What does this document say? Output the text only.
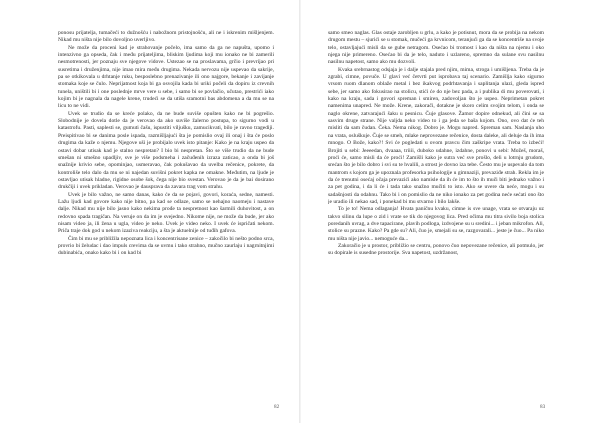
ponosu prijatelja, tumačeći to dužnošću i nabožnom pristojnošću, ali ne i iskrenim mišljenjem. Nikad mu ništa nije bilo dovoljno uverljivo.

Ne može da proceni kad je strahovanje počelo, ima samo da ga ne napušta, upomo i intenzivno ga opseda, čak i među prijateljima, bliskim ljudima koji mu ionako ne bi zamerili nesmotrenosti, jer poznaju sve njegove vidove. Ustezao se na proslavama, grčio i prevrijao pri susretima i druženjima, nije imao mira među drugima. Nekada nervozu nije uspevao da sakrije, pa se otkikovala u drhtanje ruku, besposlebno prenazivanje ili ono najgore, bekanje i zavijanje stomaka koje se čulo. Neprijatnost koja bi ga osvojila kada bi uriki počeli da dopiru iz crevnih tunela, uništili bi i one poslednje mrve vere u sebe, i samo bi se povlačio, učutao, prestrići iako kojim bi je nagnala da nagele krene, trudeći se da utiša sramotni bas abdomena a da mu se na licu to ne vidi.

Uvek se trudio da se kreće polako, da ne bude suviše opušten kako ne bi pogrešio. Slobodnije je dovela dotle da je verovao da ako suviše žalerno postupa, to sigurno vodi u katastrofu. Pasti, saplesti se, gumuti čašu, ispustiti viljušku, zamucikvati, bilo je ravno tragediji. Preispitivao bi se danima posle ispada, razmišljajući šta je pomislio ovaj ili onaj i šta će poslo drugima da kaže o njemu. Njegove uši je probijalo uvek isto pitanje: Kako je na kraju uspeo da ostavi dobar utisak kad je stalno nespretan? I bio bi nespretan. Što se više trudio da ne bude smešan ni smešno upadljiv, sve je više podsmeha i začuđenih izraza zaticao, a onda bi još snažnije krivio sebe, opominjao, usmeravao, čak pokušavao da uvelba rečenice, pokrete, da kontroliše telo dalo da mu se ni najedan suvišni pokret kapka ne omakne. Međutim, na ljude je ostavljao utisak hladne, rigidne osobe šok, čega nije bio svestan. Verovao je da je bai dosirano drukčiji i uvek prikladan. Verovao je dausprava da zavara trag vom strahu.

Uvek je bilo važno, ne samo danas, kako će da se pojavi, govori, koraća, sedne, namesti. Lažu ljudi kad govore kako nije bitno, pa kad se odlaze, samo se nehajno naomeju i nastave dalje. Nikad mu nije bilo jasno kako nekima prođe ta nespretnost kao šarmili duhovitost, a on redovno spada tragičan. Na veruje on da im je svejedno. Nikome nije, ne može da bude, jer ako nisam video ja, ili žena u ugla, video je neko. Uvek je video neko. I uvek će ispričati nekom. Priča traje dok god u nekom izaziva reakciju, a šta je aktuelnije od tuđih gafova.

Čim bi mu se približila nepoznata lica i koncentrisane zenice – zakočilo bi nešto podno srca, provrio bi želudac i dao impuls crevima da se uvmu i tako strahno, mučno zaurlaju i nagrnitnjimi dubinabića, onako kako bi i on kad bi

82

samo smeo naglas. Glas ostaje zarobljen u grlu, a kako je potisnut, mora da se probija na nekom drugom mestu – sjurići se u stomak, mučeći ga krvnicom, teranjući ga da se koncentriše na svoje telo, ostavljajući misli da se gube netragom. Osećao bi tromost i kao da ništa na njemu i oko njega nije primereno. Osećao bi da je telo, naduto i uzlareno, spremno da sulane svu nasilnu nasilnu napetost, samo ako mu dozvoli.

Kvaka srebrnastog odsjaja je i dalje stajala pred njim, mima, stroga i umišljena. Treba da je zgrabi, cimne, povuče. U glavi već četvrti put isprobava taj scenario. Zamišlja kako sigurno vrsom ruom dlanom oblaže metal i bez ikakvog podrhtavanja i saplitanja ulazi, gleda ispred sebe, jer samo ako fokusirao na stolicu, stići će do nje bez pada, a i publika di mu poverovati, i kako na kraju, sada i govori spreman i smiren, zadovoljan što je uspeo. Neprimetan pokret namenima unapred. Ne može. Krene, zakorači, dotakne je skoro celim svojim telom, i onda se naglo okrene, zatvarajući šaku u pesnicu. Čuje glasove. Žamor dopire odnekud, ali čini se sa sasvim druge strane. Nije valjda neko video to i ga jeda se baša kojom. Ono, ovo dat će teh misliti da sam čudan. Čeka. Nema nikog. Dobro je. Mogu napred. Spreman sam. Naslanja uho na vrata, osluškuje. Čuje se smeh, mlake neprovezane rečenice, dosta daleke, ali deluje da ih ima mnogo. O Bože, kako?! Svi će pogledati u ovom pravcu čim zaškripe vrata. Treba to izbeći! Brojiti u sebi: Jeeeedan, dvaaaa, triiii, duboko udahne, izdahne, ponovi u sebi: Možeš, moraš, proći će, samo misli da će proći! Zamišli kako je sutra već sve prošlo, deli u lotrnju grudom, srećan što je bilo dobro i svi su te hvalili, a strost je dovno iza tebe. Često mu je uspevalo da tom mantrom s kojom ga je upoznala profesorka psihologije u gimnaziji, prevaziđe strah. Rekla im je da će trenutni osećaj očaja prevazići ako namisle da ih će im to što ih muči biti jednako važno i za pet godina, i da li će i tada tako snažno mučiti to isto. Ako se uvere da neće, mogu i su sadašnjosti da odahnu. Tako bi i on pomislio da ne niko ionako za pet godina neće sećati ono što je uradio ili nekao sad, i ponekad bi mu stvarno i bilo lakše.

To je to! Nema odlaganja! Hvata paničnu kvaku, cimne is sve unage, vrata se otvaraju uz takvo silinu da lupe o zid i vrate se tik do njegovog lica. Pred očima mu titra sivilo boja stolica poredanih uvrag, a dve tapacirane, plavih podloga, izdvojene su u sredini... i jeban mikrofon. Ali, stolice su prazne. Kako? Pa gde su? Ali, čuo je, smejali su se, razgovarali... jeste je čuo... Pa niko mu ništa nije javio... nemoguće da...

Zakoračio je u prostor, približio se centru, ponovo čuo nepovezane rečenice, ali potmulo, jer su dopirale is susedne prostorije. Sva napetost, uzdržanost,

83
